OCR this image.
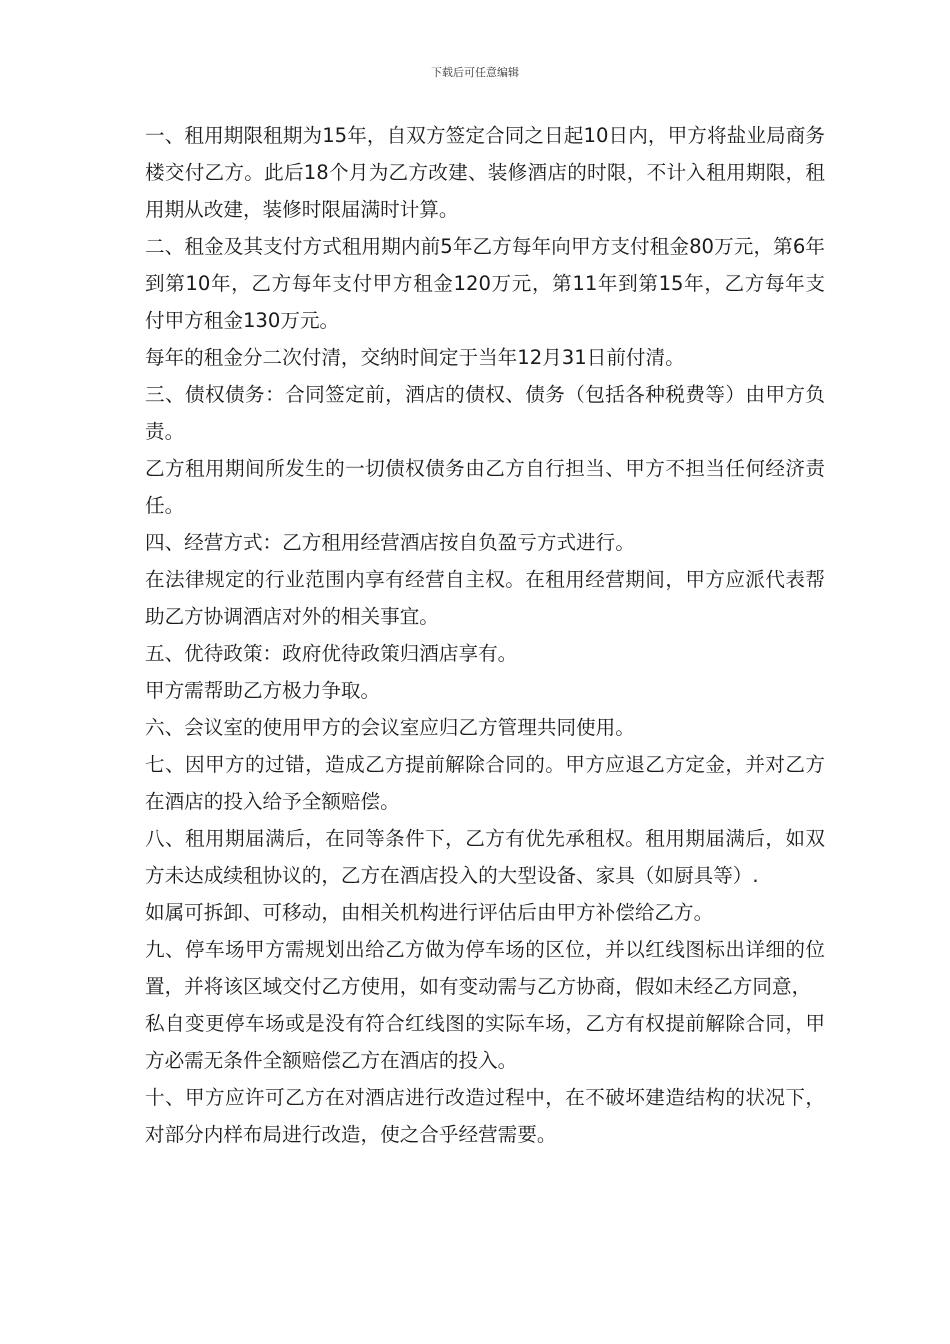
下载后可任意编辑

一、租用期限租期为15年，自双方签定合同之日起10日内，甲方将盐业局商务楼交付乙方。此后18个月为乙方改建、装修酒店的时限，不计入租用期限，租用期从改建，装修时限届满时计算。

二、租金及其支付方式租用期内前5年乙方每年向甲方支付租金80万元，第6年到第10年，乙方每年支付甲方租金120万元，第11年到第15年，乙方每年支付甲方租金130万元。

每年的租金分二次付清，交纳时间定于当年12月31日前付清。

三、债权债务：合同签定前，酒店的债权、债务（包括各种税费等）由甲方负责。

乙方租用期间所发生的一切债权债务由乙方自行担当、甲方不担当任何经济责任。

四、经营方式：乙方租用经营酒店按自负盈亏方式进行。

在法律规定的行业范围内享有经营自主权。在租用经营期间，甲方应派代表帮助乙方协调酒店对外的相关事宜。

五、优待政策：政府优待政策归酒店享有。

甲方需帮助乙方极力争取。

六、会议室的使用甲方的会议室应归乙方管理共同使用。

七、因甲方的过错，造成乙方提前解除合同的。甲方应退乙方定金，并对乙方在酒店的投入给予全额赔偿。

八、租用期届满后，在同等条件下，乙方有优先承租权。租用期届满后，如双方未达成续租协议的，乙方在酒店投入的大型设备、家具（如厨具等）.

如属可拆卸、可移动，由相关机构进行评估后由甲方补偿给乙方。

九、停车场甲方需规划出给乙方做为停车场的区位，并以红线图标出详细的位置，并将该区域交付乙方使用，如有变动需与乙方协商，假如未经乙方同意，

私自变更停车场或是没有符合红线图的实际车场，乙方有权提前解除合同，甲方必需无条件全额赔偿乙方在酒店的投入。

十、甲方应许可乙方在对酒店进行改造过程中，在不破坏建造结构的状况下，对部分内样布局进行改造，使之合乎经营需要。
